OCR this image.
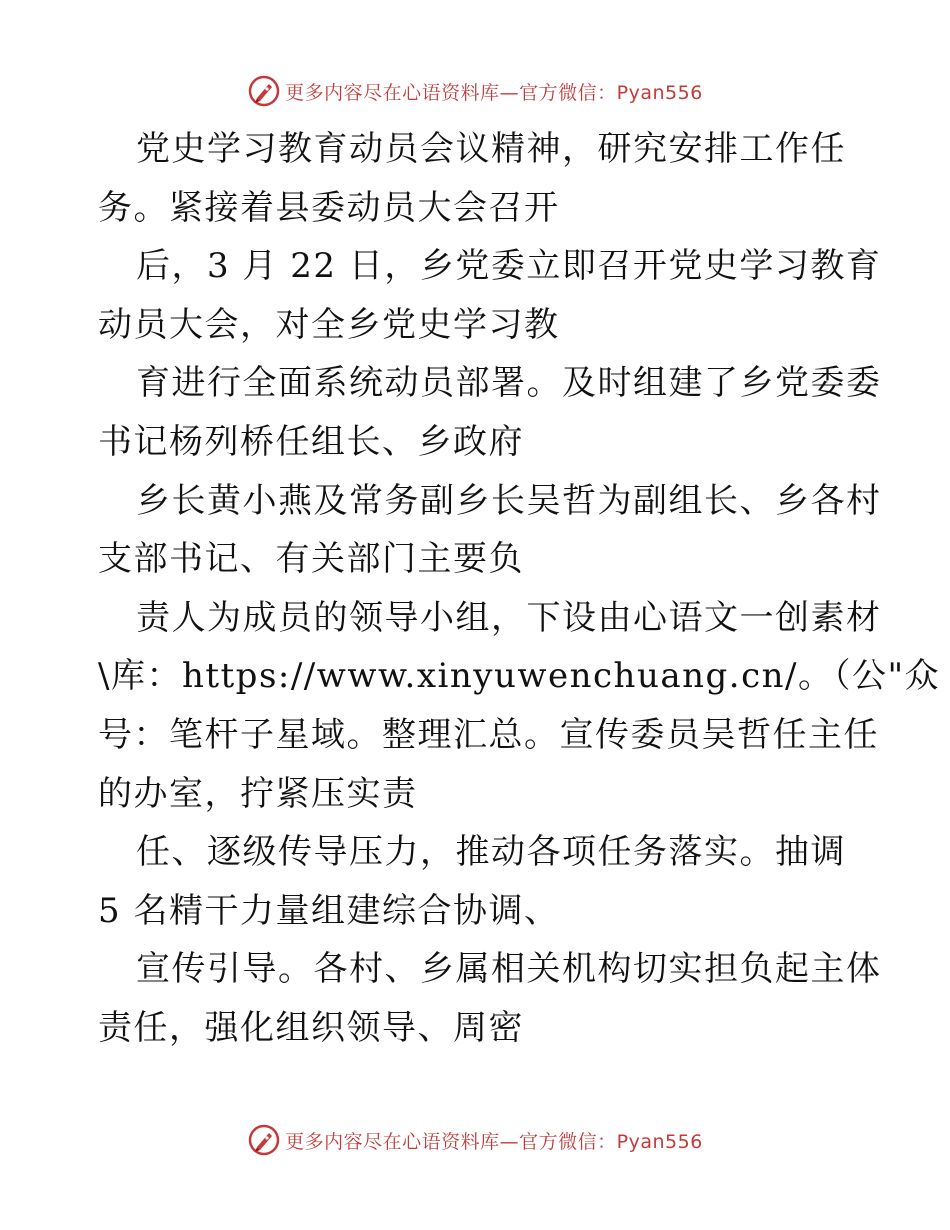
更多内容尽在心语资料库—官方微信：Pyan556
党史学习教育动员会议精神，研究安排工作任
务。紧接着县委动员大会召开
后，3 月 22 日，乡党委立即召开党史学习教育
动员大会，对全乡党史学习教
育进行全面系统动员部署。及时组建了乡党委委
书记杨列桥任组长、乡政府
乡长黄小燕及常务副乡长吴哲为副组长、乡各村
支部书记、有关部门主要负
责人为成员的领导小组，下设由心语文一创素材
\库：https://www.xinyuwenchuang.cn/。（公"众
号：笔杆子星域。整理汇总。宣传委员吴哲任主任
的办室，拧紧压实责
任、逐级传导压力，推动各项任务落实。抽调
5 名精干力量组建综合协调、
宣传引导。各村、乡属相关机构切实担负起主体
责任，强化组织领导、周密
更多内容尽在心语资料库—官方微信：Pyan556
